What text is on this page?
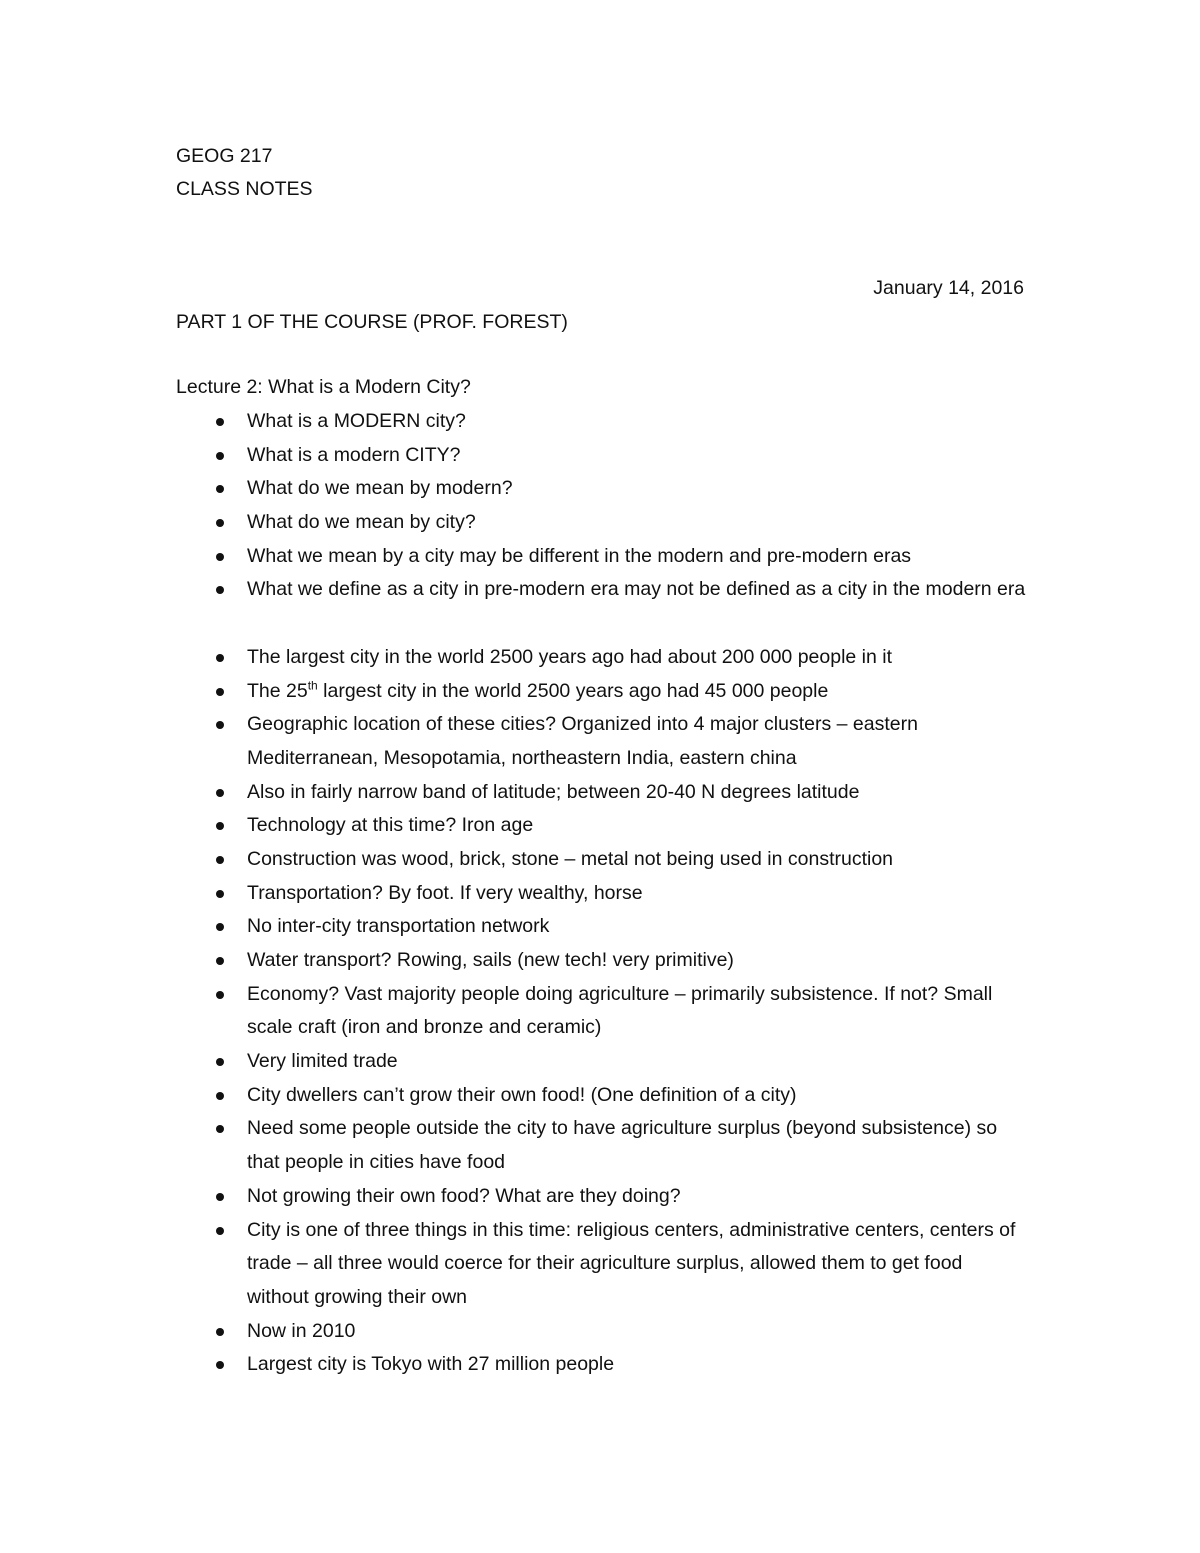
GEOG 217
CLASS NOTES
January 14, 2016
PART 1 OF THE COURSE (PROF. FOREST)
Lecture 2: What is a Modern City?
What is a MODERN city?
What is a modern CITY?
What do we mean by modern?
What do we mean by city?
What we mean by a city may be different in the modern and pre-modern eras
What we define as a city in pre-modern era may not be defined as a city in the modern era
The largest city in the world 2500 years ago had about 200 000 people in it
The 25th largest city in the world 2500 years ago had 45 000 people
Geographic location of these cities? Organized into 4 major clusters – eastern Mediterranean, Mesopotamia, northeastern India, eastern china
Also in fairly narrow band of latitude; between 20-40 N degrees latitude
Technology at this time? Iron age
Construction was wood, brick, stone – metal not being used in construction
Transportation? By foot. If very wealthy, horse
No inter-city transportation network
Water transport? Rowing, sails (new tech! very primitive)
Economy? Vast majority people doing agriculture – primarily subsistence. If not? Small scale craft (iron and bronze and ceramic)
Very limited trade
City dwellers can’t grow their own food! (One definition of a city)
Need some people outside the city to have agriculture surplus (beyond subsistence) so that people in cities have food
Not growing their own food? What are they doing?
City is one of three things in this time: religious centers, administrative centers, centers of trade – all three would coerce for their agriculture surplus, allowed them to get food without growing their own
Now in 2010
Largest city is Tokyo with 27 million people
